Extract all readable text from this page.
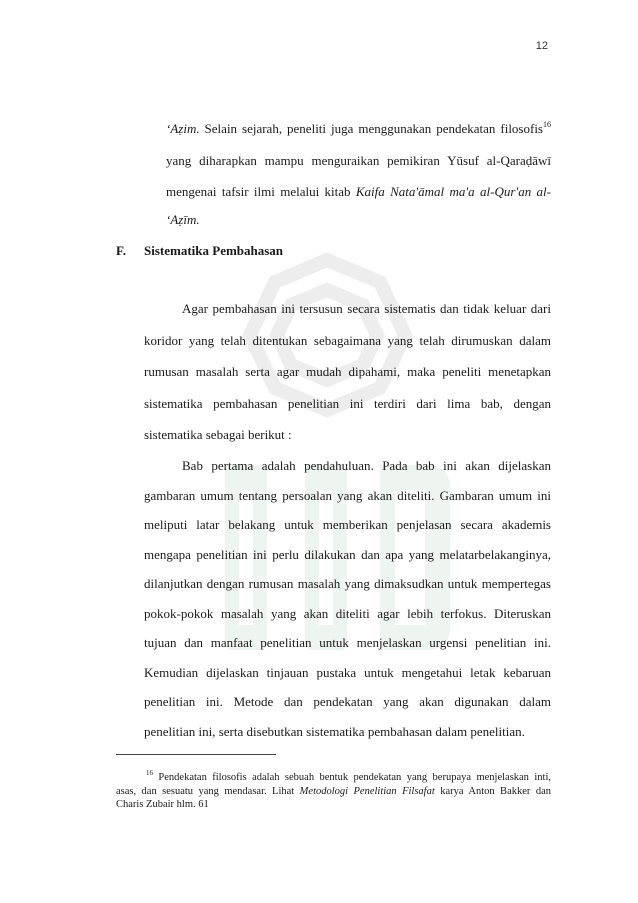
12
‘Aẓim. Selain sejarah, peneliti juga menggunakan pendekatan filosofis$^{16}$
yang diharapkan mampu menguraikan pemikiran Yūsuf al-Qaraḍāwī
mengenai tafsir ilmi melalui kitab Kaifa Nata'āmal ma'a al-Qur'an al-
‘Aẓīm.
F. Sistematika Pembahasan
Agar pembahasan ini tersusun secara sistematis dan tidak keluar dari
koridor yang telah ditentukan sebagaimana yang telah dirumuskan dalam
rumusan masalah serta agar mudah dipahami, maka peneliti menetapkan
sistematika pembahasan penelitian ini terdiri dari lima bab, dengan
sistematika sebagai berikut :
Bab pertama adalah pendahuluan. Pada bab ini akan dijelaskan
gambaran umum tentang persoalan yang akan diteliti. Gambaran umum ini
meliputi latar belakang untuk memberikan penjelasan secara akademis
mengapa penelitian ini perlu dilakukan dan apa yang melatarbelakanginya,
dilanjutkan dengan rumusan masalah yang dimaksudkan untuk mempertegas
pokok-pokok masalah yang akan diteliti agar lebih terfokus. Diteruskan
tujuan dan manfaat penelitian untuk menjelaskan urgensi penelitian ini.
Kemudian dijelaskan tinjauan pustaka untuk mengetahui letak kebaruan
penelitian ini. Metode dan pendekatan yang akan digunakan dalam
penelitian ini, serta disebutkan sistematika pembahasan dalam penelitian.
$^{16}$ Pendekatan filosofis adalah sebuah bentuk pendekatan yang berupaya menjelaskan inti,
asas, dan sesuatu yang mendasar. Lihat Metodologi Penelitian Filsafat karya Anton Bakker dan
Charis Zubair hlm. 61
